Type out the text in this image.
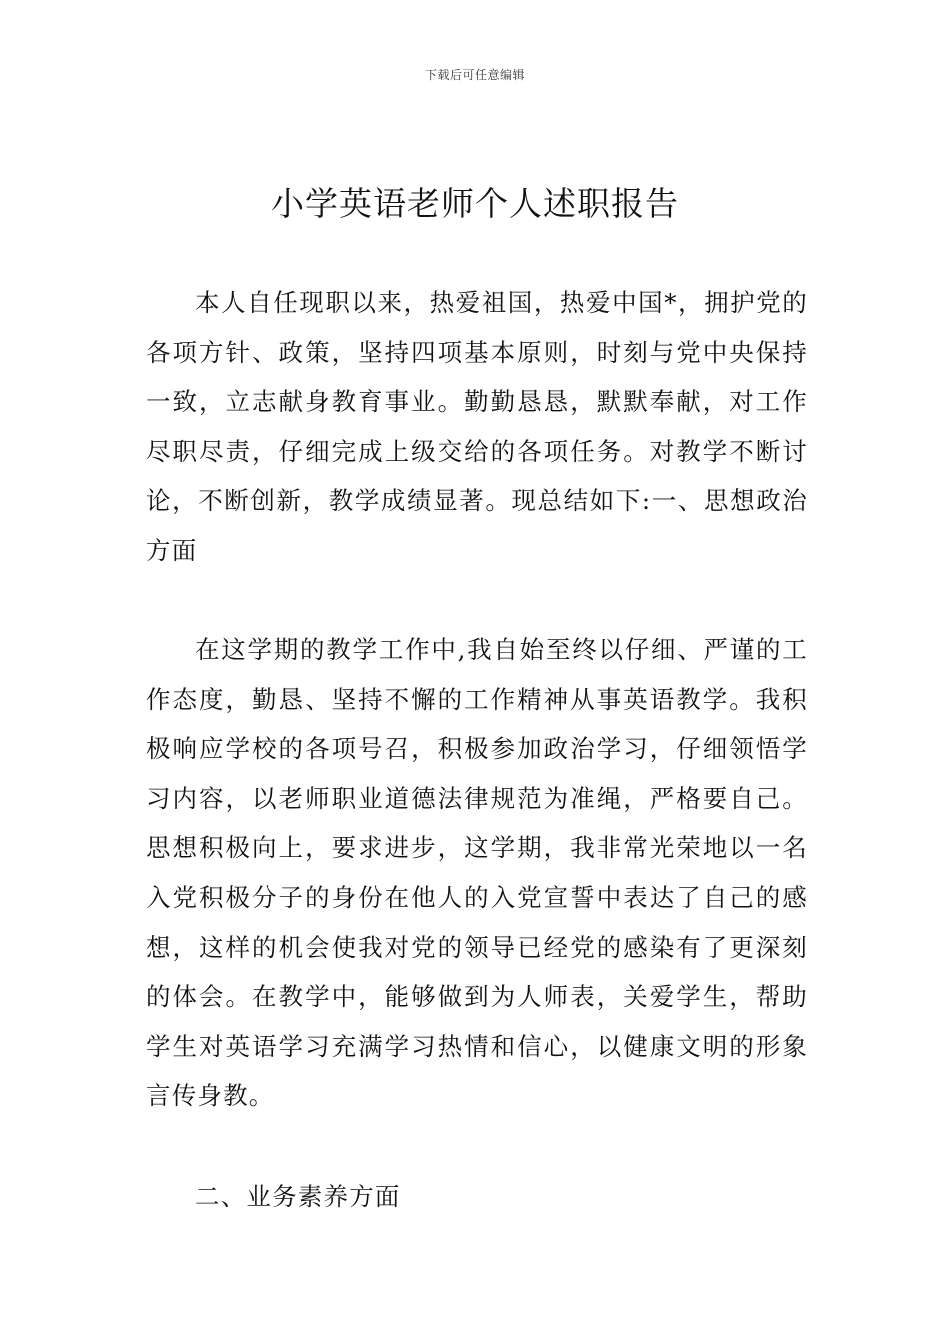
下载后可任意编辑
小学英语老师个人述职报告

本人自任现职以来，热爱祖国，热爱中国*，拥护党的各项方针、政策，坚持四项基本原则，时刻与党中央保持一致，立志献身教育事业。勤勤恳恳，默默奉献，对工作尽职尽责，仔细完成上级交给的各项任务。对教学不断讨论，不断创新，教学成绩显著。现总结如下:一、思想政治方面

在这学期的教学工作中,我自始至终以仔细、严谨的工作态度，勤恳、坚持不懈的工作精神从事英语教学。我积极响应学校的各项号召，积极参加政治学习，仔细领悟学习内容，以老师职业道德法律规范为准绳，严格要自己。思想积极向上，要求进步，这学期，我非常光荣地以一名入党积极分子的身份在他人的入党宣誓中表达了自己的感想，这样的机会使我对党的领导已经党的感染有了更深刻的体会。在教学中，能够做到为人师表，关爱学生，帮助学生对英语学习充满学习热情和信心，以健康文明的形象言传身教。

二、业务素养方面
